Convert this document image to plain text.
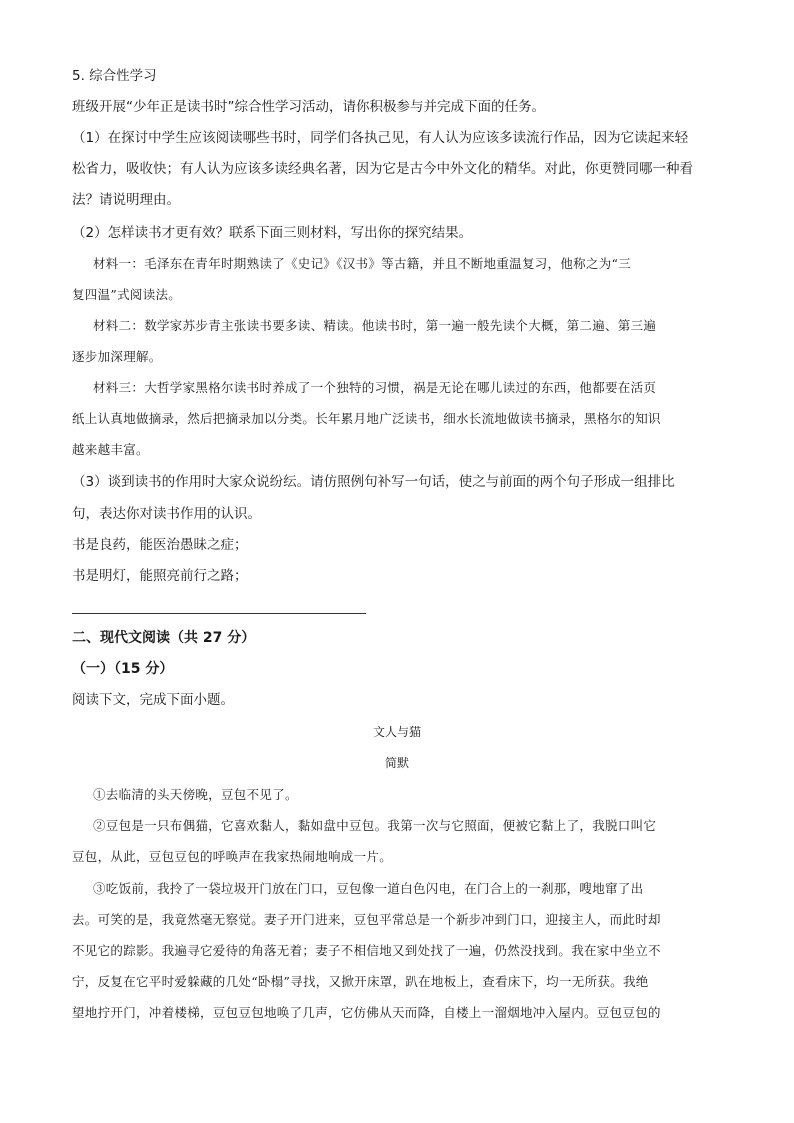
5. 综合性学习
班级开展“少年正是读书时”综合性学习活动，请你积极参与并完成下面的任务。
（1）在探讨中学生应该阅读哪些书时，同学们各执己见，有人认为应该多读流行作品，因为它读起来轻
松省力，吸收快；有人认为应该多读经典名著，因为它是古今中外文化的精华。对此，你更赞同哪一种看
法？请说明理由。
（2）怎样读书才更有效？联系下面三则材料，写出你的探究结果。
材料一：毛泽东在青年时期熟读了《史记》《汉书》等古籍，并且不断地重温复习，他称之为“三
复四温”式阅读法。
材料二：数学家苏步青主张读书要多读、精读。他读书时，第一遍一般先读个大概，第二遍、第三遍
逐步加深理解。
材料三：大哲学家黑格尔读书时养成了一个独特的习惯，祸是无论在哪儿读过的东西，他都要在活页
纸上认真地做摘录，然后把摘录加以分类。长年累月地广泛读书，细水长流地做读书摘录，黑格尔的知识
越来越丰富。
（3）谈到读书的作用时大家众说纷纭。请仿照例句补写一句话，使之与前面的两个句子形成一组排比
句，表达你对读书作用的认识。
书是良药，能医治愚昧之症；
书是明灯，能照亮前行之路；
二、现代文阅读（共 27 分）
（一）（15 分）
阅读下文，完成下面小题。
文人与猫
简默
①去临清的头天傍晚，豆包不见了。
②豆包是一只布偶猫，它喜欢黏人，黏如盘中豆包。我第一次与它照面，便被它黏上了，我脱口叫它
豆包，从此，豆包豆包的呼唤声在我家热闹地响成一片。
③吃饭前，我拎了一袋垃圾开门放在门口，豆包像一道白色闪电，在门合上的一刹那，嗖地窜了出
去。可笑的是，我竟然毫无察觉。妻子开门进来，豆包平常总是一个新步冲到门口，迎接主人，而此时却
不见它的踪影。我遍寻它爱待的角落无着；妻子不相信地又到处找了一遍，仍然没找到。我在家中坐立不
宁，反复在它平时爱躲藏的几处“卧榻”寻找，又掀开床罩，趴在地板上，查看床下，均一无所获。我绝
望地拧开门，冲着楼梯，豆包豆包地唤了几声，它仿佛从天而降，自楼上一溜烟地冲入屋内。豆包豆包的
